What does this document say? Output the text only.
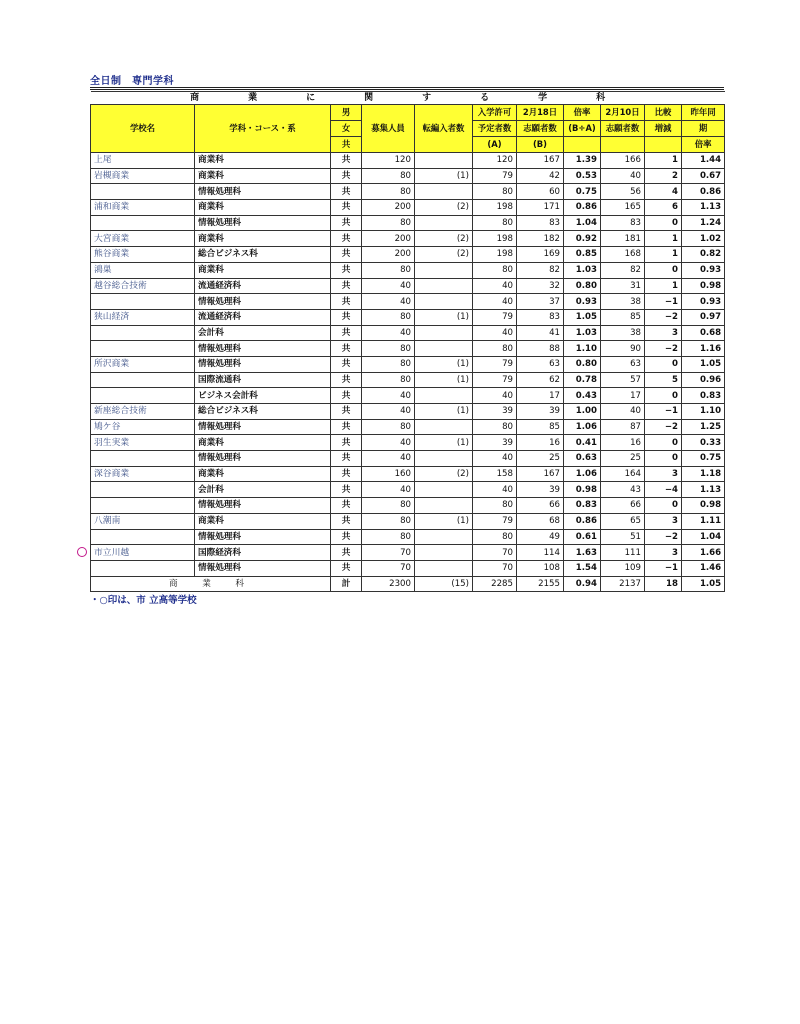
全日制　専門学科
商　業　に　関　す　る　学　科										
学校名	学科・コース・系	男	募集人員	転編入者数	入学許可	2月18日	倍率	2月10日	比較	昨年同
		女			予定者数	志願者数	(B÷A)	志願者数	増減	期
		共			(A)	(B)				倍率
上尾	商業科	共	120		120	167	1.39	166	1	1.44
岩槻商業	商業科	共	80	(1)	79	42	0.53	40	2	0.67
	情報処理科	共	80		80	60	0.75	56	4	0.86
浦和商業	商業科	共	200	(2)	198	171	0.86	165	6	1.13
	情報処理科	共	80		80	83	1.04	83	0	1.24
大宮商業	商業科	共	200	(2)	198	182	0.92	181	1	1.02
熊谷商業	総合ビジネス科	共	200	(2)	198	169	0.85	168	1	0.82
鴻巣	商業科	共	80		80	82	1.03	82	0	0.93
越谷総合技術	流通経済科	共	40		40	32	0.80	31	1	0.98
	情報処理科	共	40		40	37	0.93	38	−1	0.93
狭山経済	流通経済科	共	80	(1)	79	83	1.05	85	−2	0.97
	会計科	共	40		40	41	1.03	38	3	0.68
	情報処理科	共	80		80	88	1.10	90	−2	1.16
所沢商業	情報処理科	共	80	(1)	79	63	0.80	63	0	1.05
	国際流通科	共	80	(1)	79	62	0.78	57	5	0.96
	ビジネス会計科	共	40		40	17	0.43	17	0	0.83
新座総合技術	総合ビジネス科	共	40	(1)	39	39	1.00	40	−1	1.10
鳩ケ谷	情報処理科	共	80		80	85	1.06	87	−2	1.25
羽生実業	商業科	共	40	(1)	39	16	0.41	16	0	0.33
	情報処理科	共	40		40	25	0.63	25	0	0.75
深谷商業	商業科	共	160	(2)	158	167	1.06	164	3	1.18
	会計科	共	40		40	39	0.98	43	−4	1.13
	情報処理科	共	80		80	66	0.83	66	0	0.98
八潮南	商業科	共	80	(1)	79	68	0.86	65	3	1.11
	情報処理科	共	80		80	49	0.61	51	−2	1.04
市立川越	国際経済科	共	70		70	114	1.63	111	3	1.66
	情報処理科	共	70		70	108	1.54	109	−1	1.46
商　業　科		計	2300	(15)	2285	2155	0.94	2137	18	1.05
・○印は、市 立高等学校
